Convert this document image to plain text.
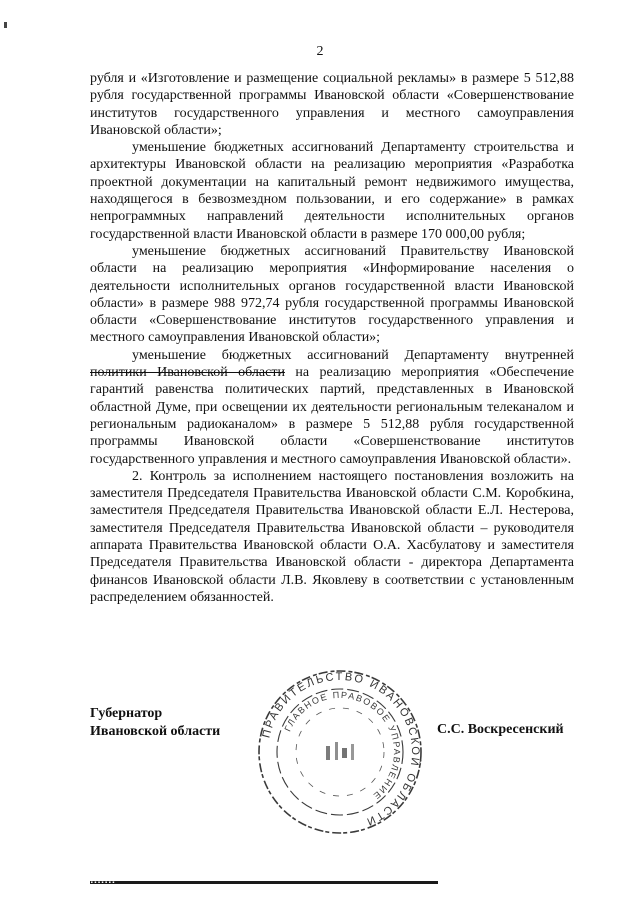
2

рубля и «Изготовление и размещение социальной рекламы» в размере 5 512,88 рубля государственной программы Ивановской области «Совершенствование институтов государственного управления и местного самоуправления Ивановской области»;

уменьшение бюджетных ассигнований Департаменту строительства и архитектуры Ивановской области на реализацию мероприятия «Разработка проектной документации на капитальный ремонт недвижимого имущества, находящегося в безвозмездном пользовании, и его содержание» в рамках непрограммных направлений деятельности исполнительных органов государственной власти Ивановской области в размере 170 000,00 рубля;

уменьшение бюджетных ассигнований Правительству Ивановской области на реализацию мероприятия «Информирование населения о деятельности исполнительных органов государственной власти Ивановской области» в размере 988 972,74 рубля государственной программы Ивановской области «Совершенствование институтов государственного управления и местного самоуправления Ивановской области»;

уменьшение бюджетных ассигнований Департаменту внутренней политики Ивановской области на реализацию мероприятия «Обеспечение гарантий равенства политических партий, представленных в Ивановской областной Думе, при освещении их деятельности региональным телеканалом и региональным радиоканалом» в размере 5 512,88 рубля государственной программы Ивановской области «Совершенствование институтов государственного управления и местного самоуправления Ивановской области».

2. Контроль за исполнением настоящего постановления возложить на заместителя Председателя Правительства Ивановской области С.М. Коробкина, заместителя Председателя Правительства Ивановской области Е.Л. Нестерова, заместителя Председателя Правительства Ивановской области – руководителя аппарата Правительства Ивановской области О.А. Хасбулатову и заместителя Председателя Правительства Ивановской области - директора Департамента финансов Ивановской области Л.В. Яковлеву в соответствии с установленным распределением обязанностей.

Губернатор
Ивановской области	ПРАВИТЕЛЬСТВО ИВАНОВСКОЙ ОБЛАСТИ
ГЛАВНОЕ ПРАВОВОЕ УПРАВЛЕНИЕ
С.С. Воскресенский
▪▪▪▪▪▪▪
